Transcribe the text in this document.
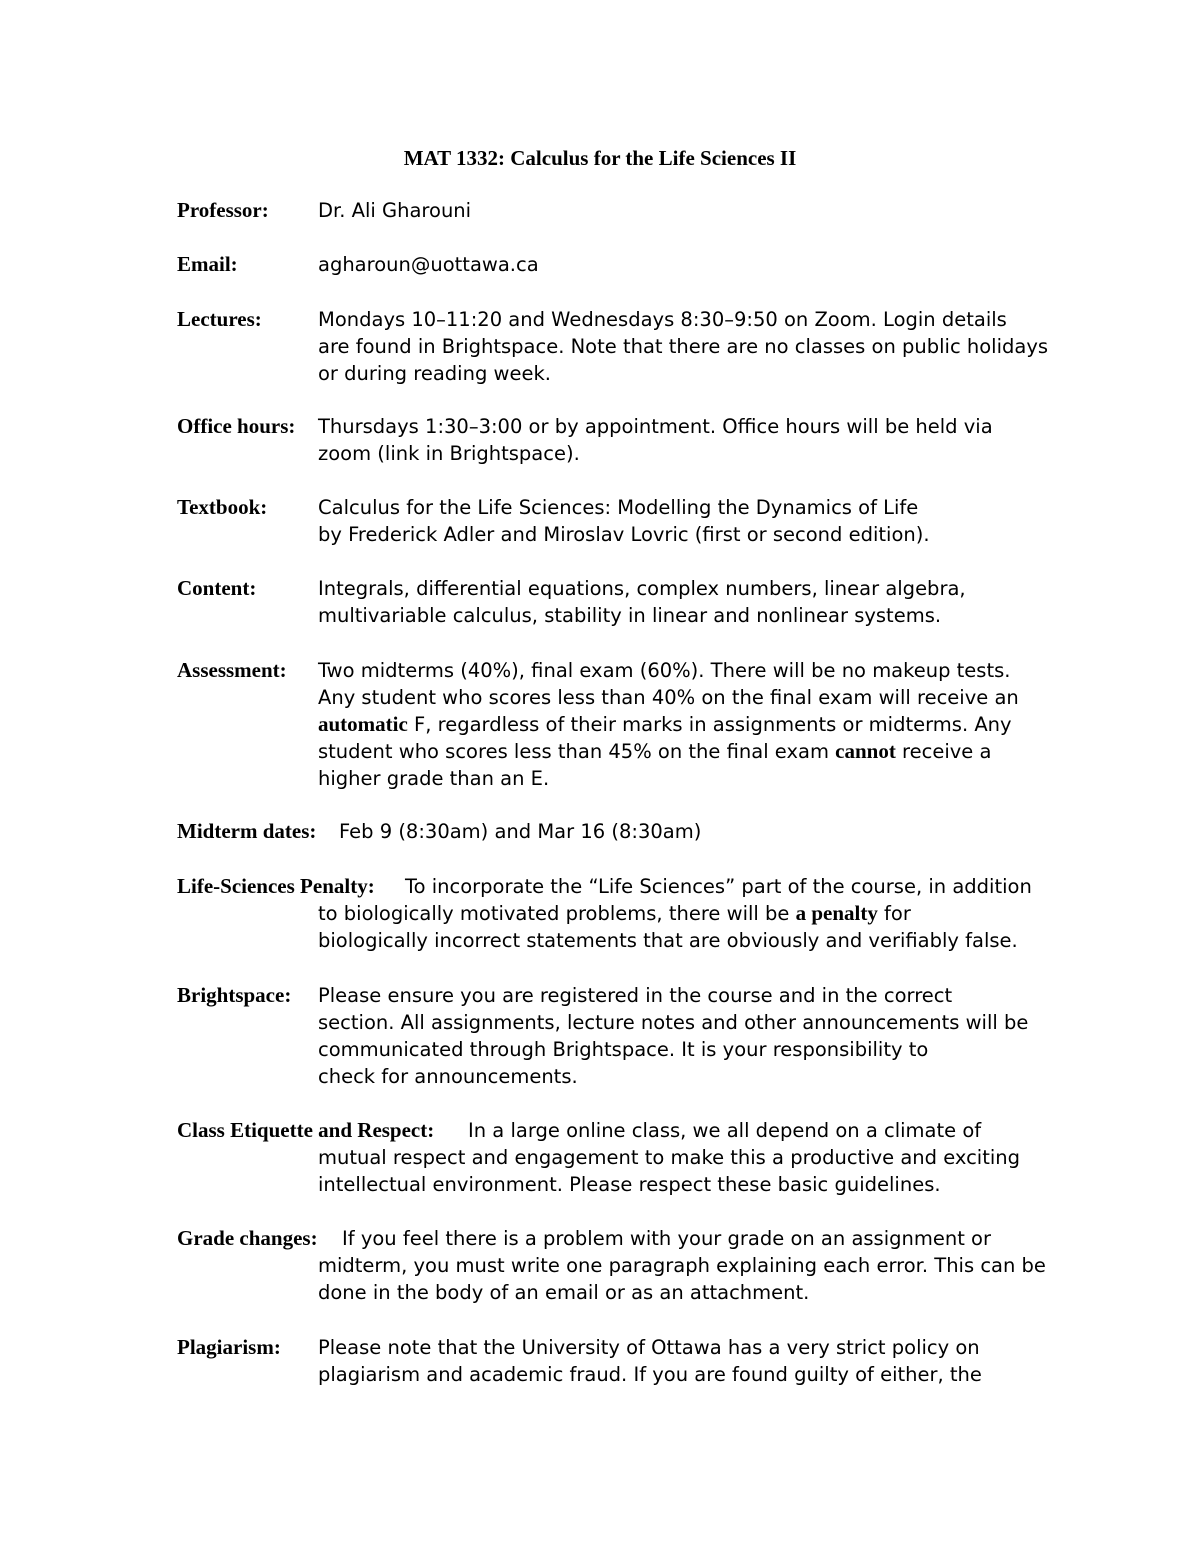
MAT 1332: Calculus for the Life Sciences II
Professor:	Dr. Ali Gharouni
Email:	agharoun@uottawa.ca
Lectures:	Mondays 10–11:20 and Wednesdays 8:30–9:50 on Zoom. Login details
are found in Brightspace. Note that there are no classes on public holidays
or during reading week.
Office hours: Thursdays 1:30–3:00 or by appointment. Office hours will be held via
zoom (link in Brightspace).
Textbook:	Calculus for the Life Sciences: Modelling the Dynamics of Life
by Frederick Adler and Miroslav Lovric (first or second edition).
Content:	Integrals, differential equations, complex numbers, linear algebra,
multivariable calculus, stability in linear and nonlinear systems.
Assessment: Two midterms (40%), final exam (60%). There will be no makeup tests.
Any student who scores less than 40% on the final exam will receive an
automatic F, regardless of their marks in assignments or midterms. Any
student who scores less than 45% on the final exam cannot receive a
higher grade than an E.
Midterm dates: Feb 9 (8:30am) and Mar 16 (8:30am)
Life-Sciences Penalty: To incorporate the “Life Sciences” part of the course, in addition
to biologically motivated problems, there will be a penalty for
biologically incorrect statements that are obviously and verifiably false.
Brightspace: Please ensure you are registered in the course and in the correct
section. All assignments, lecture notes and other announcements will be
communicated through Brightspace. It is your responsibility to
check for announcements.
Class Etiquette and Respect: In a large online class, we all depend on a climate of
mutual respect and engagement to make this a productive and exciting
intellectual environment. Please respect these basic guidelines.
Grade changes: If you feel there is a problem with your grade on an assignment or
midterm, you must write one paragraph explaining each error. This can be
done in the body of an email or as an attachment.
Plagiarism: Please note that the University of Ottawa has a very strict policy on
plagiarism and academic fraud. If you are found guilty of either, the
